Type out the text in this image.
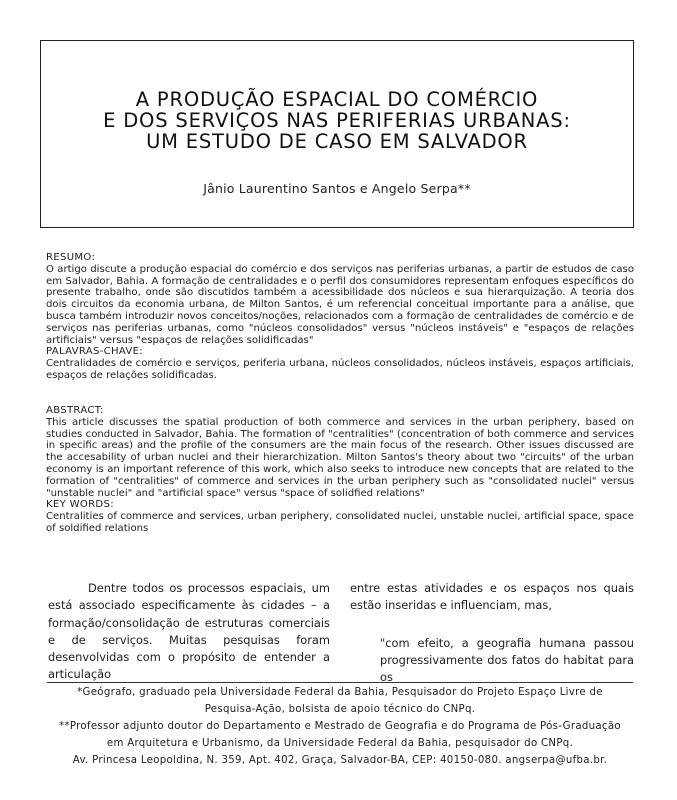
A PRODUÇÃO ESPACIAL DO COMÉRCIO
E DOS SERVIÇOS NAS PERIFERIAS URBANAS:
UM ESTUDO DE CASO EM SALVADOR
Jânio Laurentino Santos e Angelo Serpa**
RESUMO:

O artigo discute a produção espacial do comércio e dos serviços nas periferias urbanas, a partir de estudos de caso em Salvador, Bahia. A formação de centralidades e o perfil dos consumidores representam enfoques específicos do presente trabalho, onde são discutidos também a acessibilidade dos núcleos e sua hierarquização. A teoria dos dois circuitos da economia urbana, de Milton Santos, é um referencial conceitual importante para a análise, que busca também introduzir novos conceitos/noções, relacionados com a formação de centralidades de comércio e de serviços nas periferias urbanas, como "núcleos consolidados" versus "núcleos instáveis" e "espaços de relações artificiais" versus "espaços de relações solidificadas"

PALAVRAS-CHAVE:

Centralidades de comércio e serviços, periferia urbana, núcleos consolidados, núcleos instáveis, espaços artificiais, espaços de relações solidificadas.

ABSTRACT:

This article discusses the spatial production of both commerce and services in the urban periphery, based on studies conducted in Salvador, Bahia. The formation of "centralities" (concentration of both commerce and services in specific areas) and the profile of the consumers are the main focus of the research. Other issues discussed are the accesability of urban nuclei and their hierarchization. Milton Santos's theory about two "circuits" of the urban economy is an important reference of this work, which also seeks to introduce new concepts that are related to the formation of "centralities" of commerce and services in the urban periphery such as "consolidated nuclei" versus "unstable nuclei" and "artificial space" versus "space of solidfied relations"

KEY WORDS:

Centralities of commerce and services, urban periphery, consolidated nuclei, unstable nuclei, artificial space, space of soldified relations

Dentre todos os processos espaciais, um está associado especificamente às cidades – a formação/consolidação de estruturas comerciais e de serviços. Muitas pesquisas foram desenvolvidas com o propósito de entender a articulação

entre estas atividades e os espaços nos quais estão inseridas e influenciam, mas,

"com efeito, a geografia humana passou progressivamente dos fatos do habitat para os

*Geógrafo, graduado pela Universidade Federal da Bahia, Pesquisador do Projeto Espaço Livre de
Pesquisa-Ação, bolsista de apoio técnico do CNPq.
**Professor adjunto doutor do Departamento e Mestrado de Geografia e do Programa de Pós-Graduação
em Arquitetura e Urbanismo, da Universidade Federal da Bahia, pesquisador do CNPq.
Av. Princesa Leopoldina, N. 359, Apt. 402, Graça, Salvador-BA, CEP: 40150-080. angserpa@ufba.br.
